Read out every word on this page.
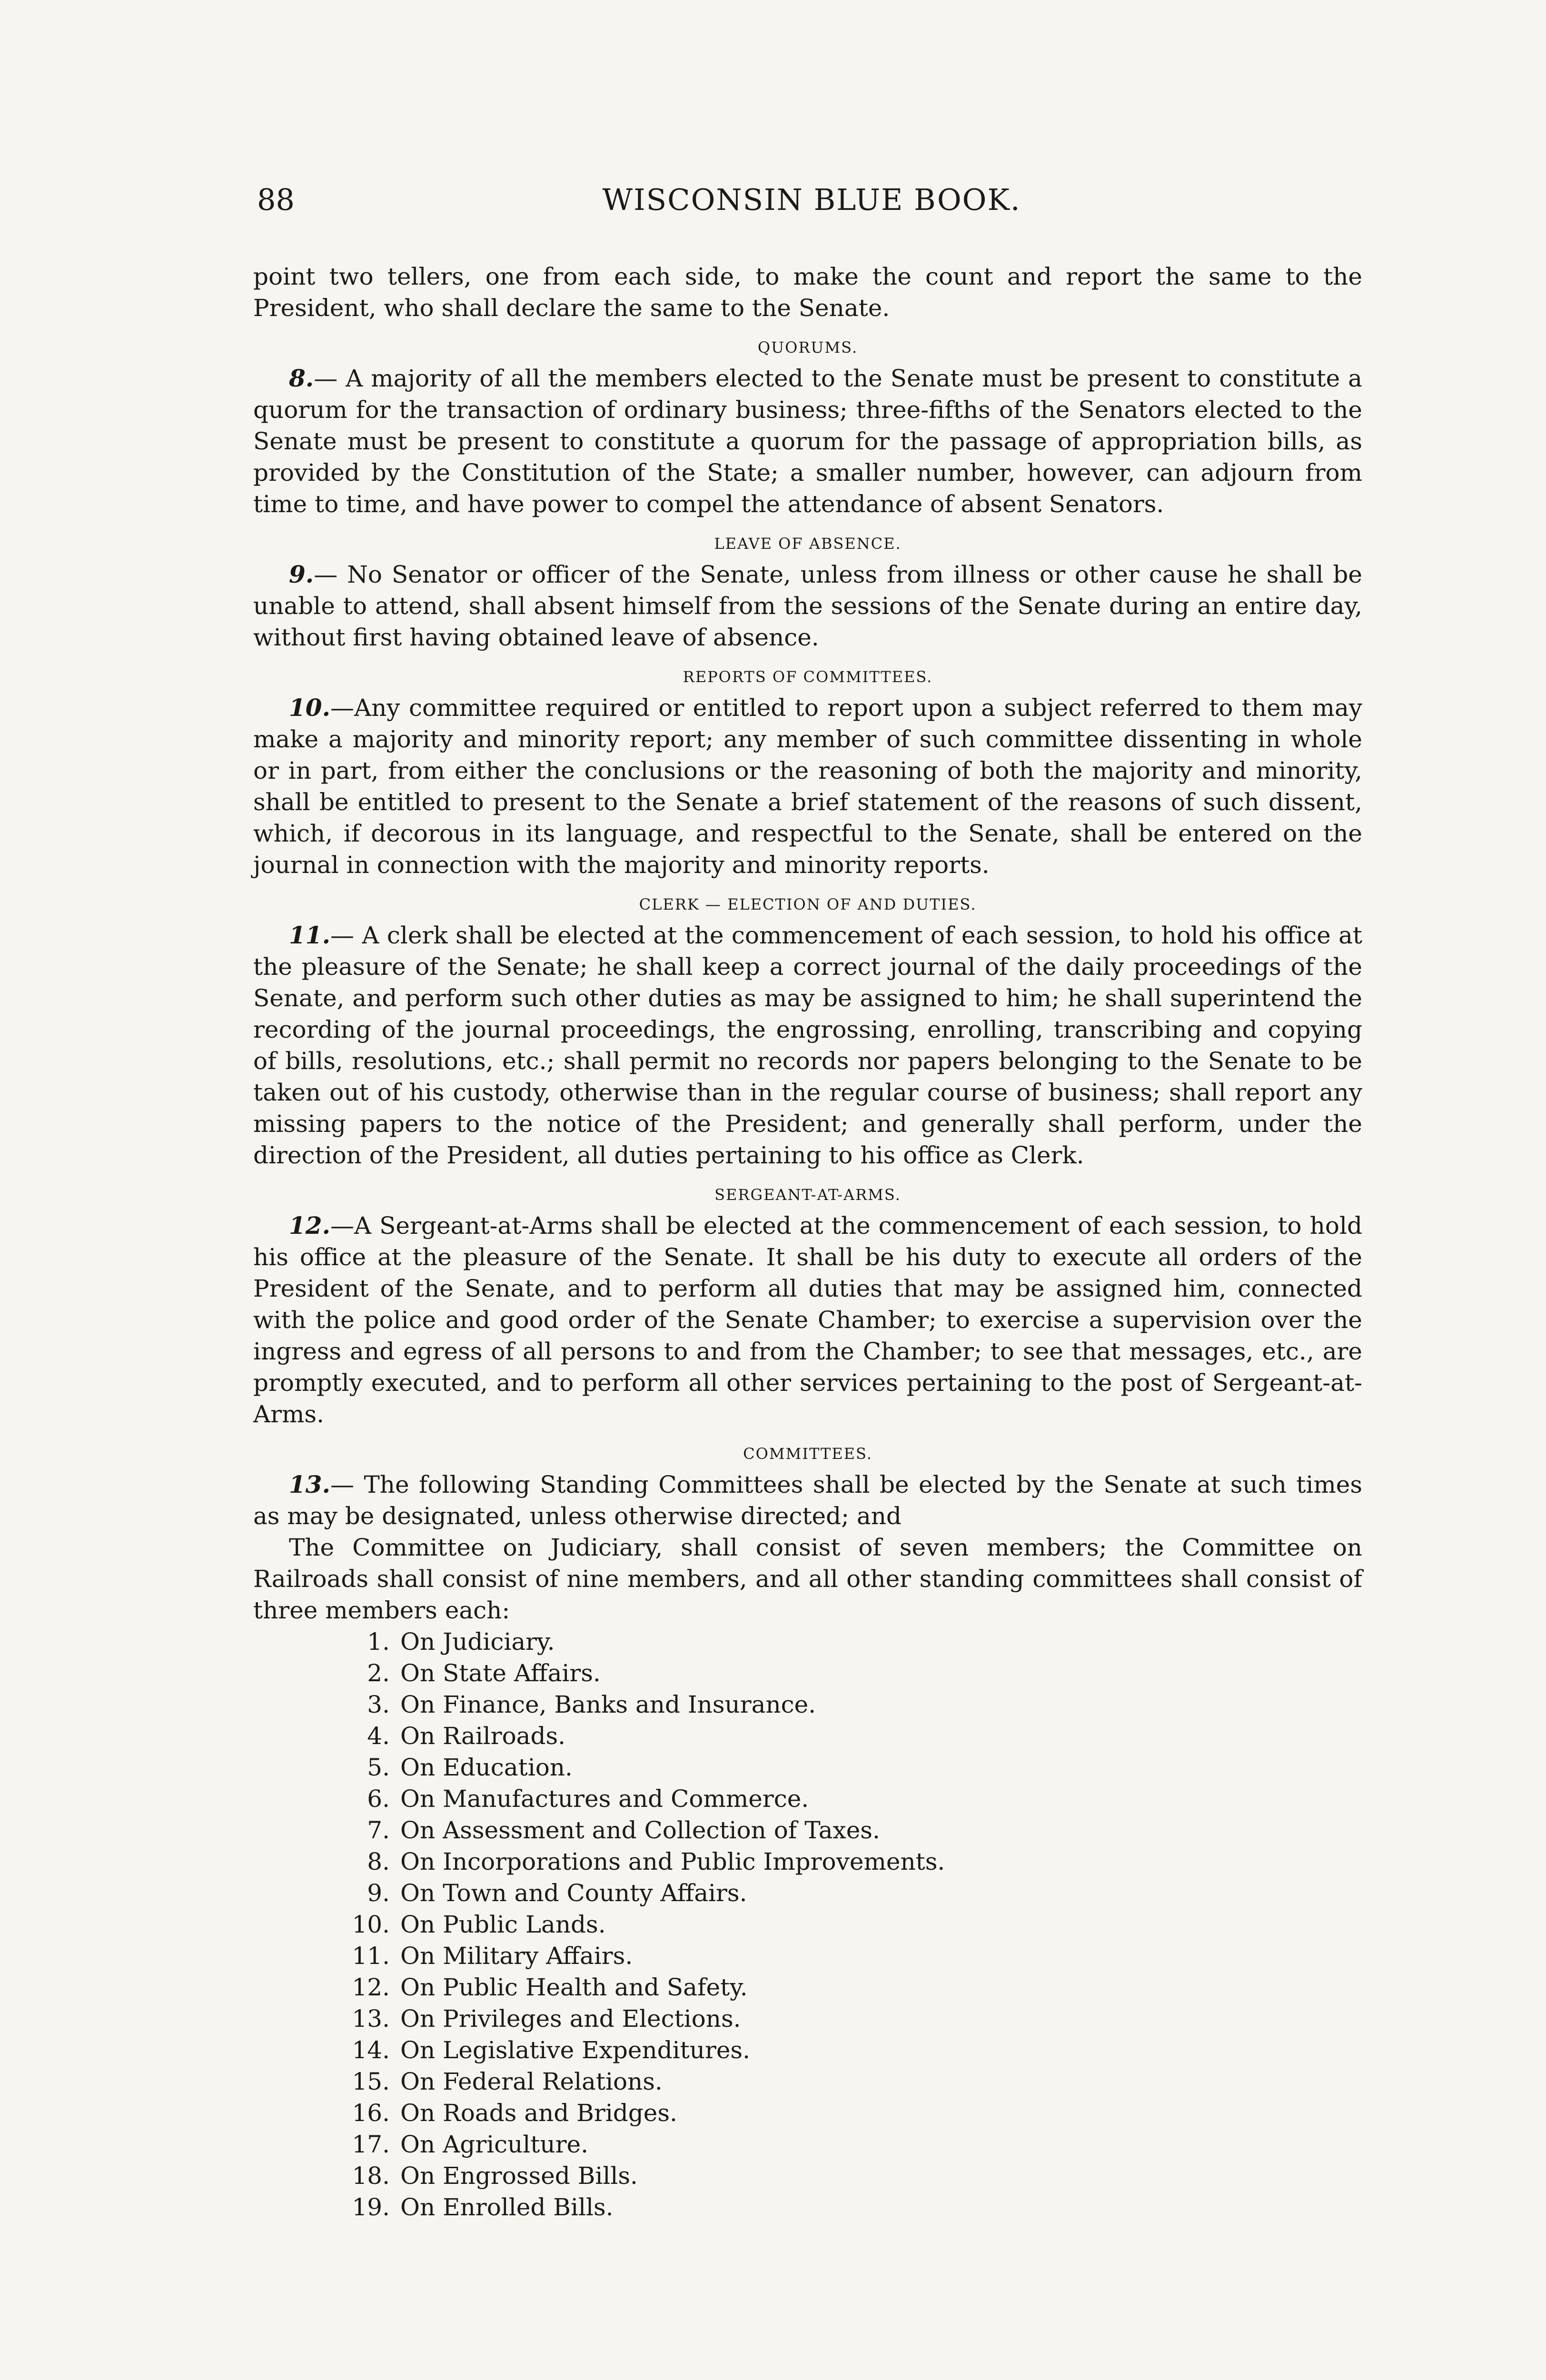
88	WISCONSIN BLUE BOOK.

point two tellers, one from each side, to make the count and report the same to the President, who shall declare the same to the Senate.

QUORUMS.

8.— A majority of all the members elected to the Senate must be present to constitute a quorum for the transaction of ordinary business; three-fifths of the Senators elected to the Senate must be present to constitute a quorum for the passage of appropriation bills, as provided by the Constitution of the State; a smaller number, however, can adjourn from time to time, and have power to compel the attendance of absent Senators.

LEAVE OF ABSENCE.

9.— No Senator or officer of the Senate, unless from illness or other cause he shall be unable to attend, shall absent himself from the sessions of the Senate during an entire day, without first having obtained leave of absence.

REPORTS OF COMMITTEES.

10.—Any committee required or entitled to report upon a subject referred to them may make a majority and minority report; any member of such committee dissenting in whole or in part, from either the conclusions or the reasoning of both the majority and minority, shall be entitled to present to the Senate a brief statement of the reasons of such dissent, which, if decorous in its language, and respectful to the Senate, shall be entered on the journal in connection with the majority and minority reports.

CLERK — ELECTION OF AND DUTIES.

11.— A clerk shall be elected at the commencement of each session, to hold his office at the pleasure of the Senate; he shall keep a correct journal of the daily proceedings of the Senate, and perform such other duties as may be assigned to him; he shall superintend the recording of the journal proceedings, the engrossing, enrolling, transcribing and copying of bills, resolutions, etc.; shall permit no records nor papers belonging to the Senate to be taken out of his custody, otherwise than in the regular course of business; shall report any missing papers to the notice of the President; and generally shall perform, under the direction of the President, all duties pertaining to his office as Clerk.

SERGEANT-AT-ARMS.

12.—A Sergeant-at-Arms shall be elected at the commencement of each session, to hold his office at the pleasure of the Senate. It shall be his duty to execute all orders of the President of the Senate, and to perform all duties that may be assigned him, connected with the police and good order of the Senate Chamber; to exercise a supervision over the ingress and egress of all persons to and from the Chamber; to see that messages, etc., are promptly executed, and to perform all other services pertaining to the post of Sergeant-at-Arms.

COMMITTEES.

13.— The following Standing Committees shall be elected by the Senate at such times as may be designated, unless otherwise directed; and

The Committee on Judiciary, shall consist of seven members; the Committee on Railroads shall consist of nine members, and all other standing committees shall consist of three members each:

1. On Judiciary.
2. On State Affairs.
3. On Finance, Banks and Insurance.
4. On Railroads.
5. On Education.
6. On Manufactures and Commerce.
7. On Assessment and Collection of Taxes.
8. On Incorporations and Public Improvements.
9. On Town and County Affairs.
10. On Public Lands.
11. On Military Affairs.
12. On Public Health and Safety.
13. On Privileges and Elections.
14. On Legislative Expenditures.
15. On Federal Relations.
16. On Roads and Bridges.
17. On Agriculture.
18. On Engrossed Bills.
19. On Enrolled Bills.
